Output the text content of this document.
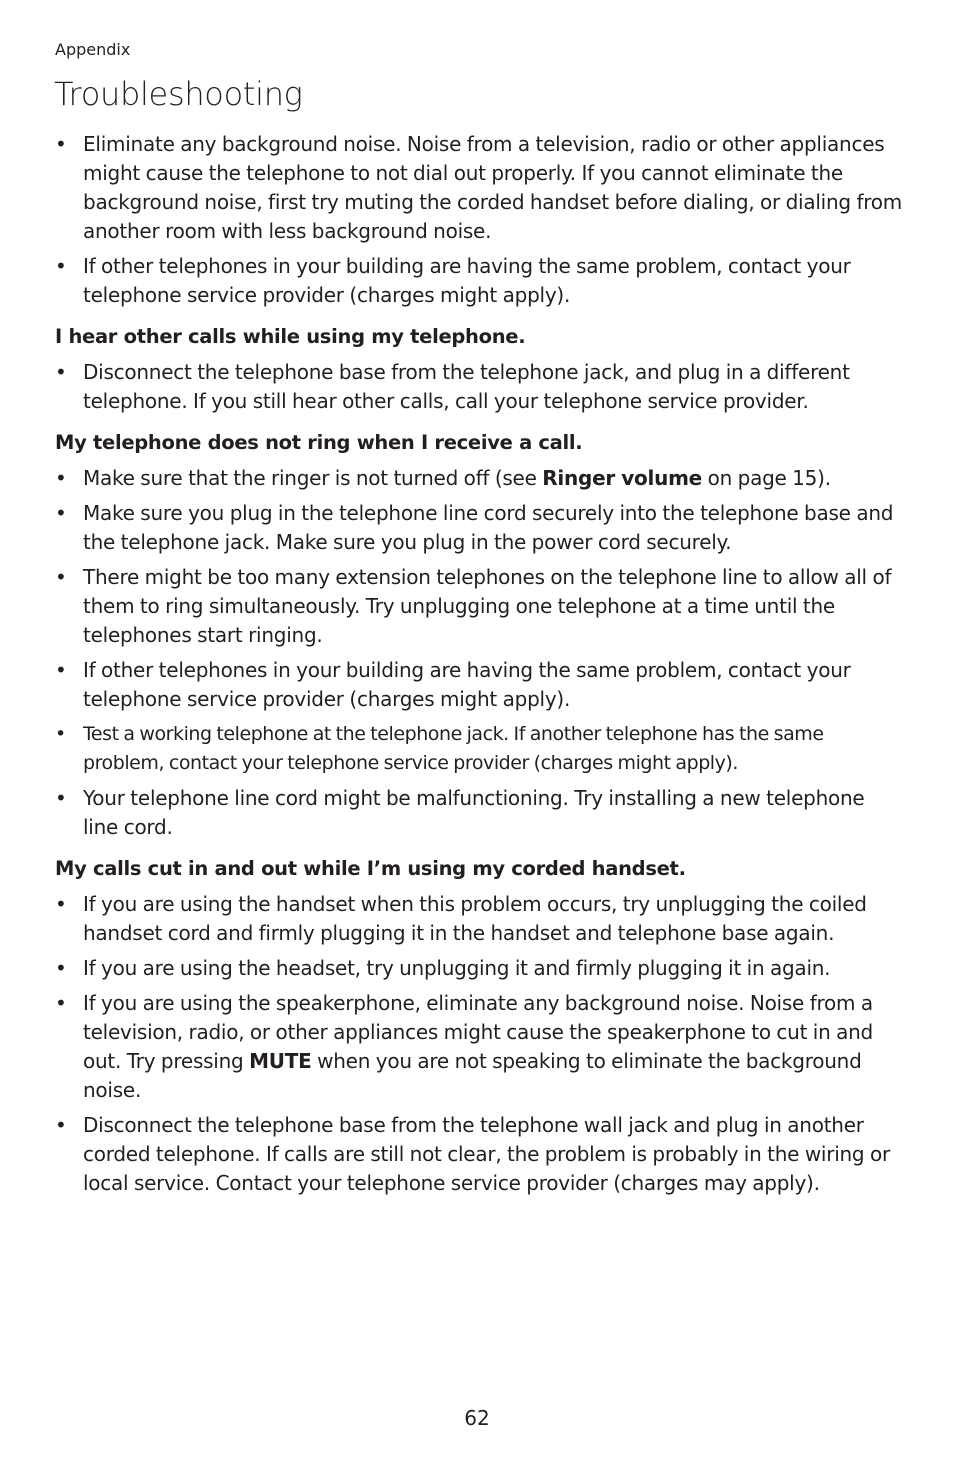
Appendix
Troubleshooting
• Eliminate any background noise. Noise from a television, radio or other appliances might cause the telephone to not dial out properly. If you cannot eliminate the background noise, first try muting the corded handset before dialing, or dialing from another room with less background noise.
• If other telephones in your building are having the same problem, contact your telephone service provider (charges might apply).
I hear other calls while using my telephone.
• Disconnect the telephone base from the telephone jack, and plug in a different telephone. If you still hear other calls, call your telephone service provider.
My telephone does not ring when I receive a call.
• Make sure that the ringer is not turned off (see Ringer volume on page 15).
• Make sure you plug in the telephone line cord securely into the telephone base and the telephone jack. Make sure you plug in the power cord securely.
• There might be too many extension telephones on the telephone line to allow all of them to ring simultaneously. Try unplugging one telephone at a time until the telephones start ringing.
• If other telephones in your building are having the same problem, contact your telephone service provider (charges might apply).
• Test a working telephone at the telephone jack. If another telephone has the same problem, contact your telephone service provider (charges might apply).
• Your telephone line cord might be malfunctioning. Try installing a new telephone line cord.
My calls cut in and out while I’m using my corded handset.
• If you are using the handset when this problem occurs, try unplugging the coiled handset cord and firmly plugging it in the handset and telephone base again.
• If you are using the headset, try unplugging it and firmly plugging it in again.
• If you are using the speakerphone, eliminate any background noise. Noise from a television, radio, or other appliances might cause the speakerphone to cut in and out. Try pressing MUTE when you are not speaking to eliminate the background noise.
• Disconnect the telephone base from the telephone wall jack and plug in another corded telephone. If calls are still not clear, the problem is probably in the wiring or local service. Contact your telephone service provider (charges may apply).
62
